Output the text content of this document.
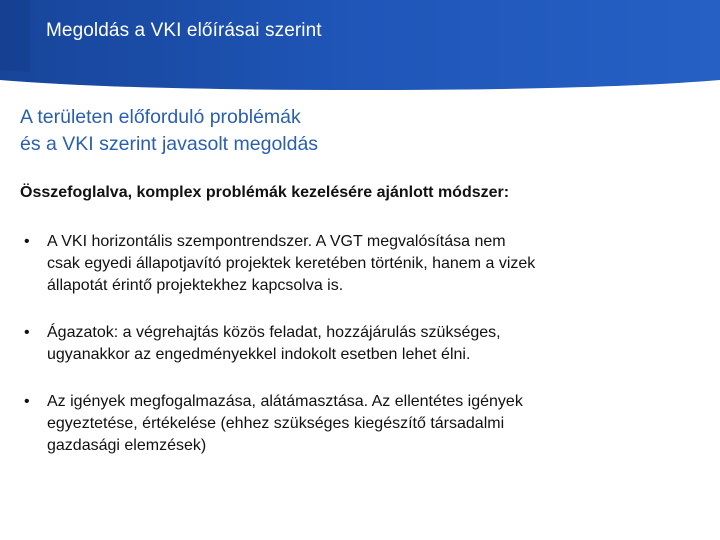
Megoldás a VKI előírásai szerint
A területen előforduló problémák
és a VKI szerint javasolt megoldás

Összefoglalva, komplex problémák kezelésére ajánlott módszer:

• A VKI horizontális szempontrendszer. A VGT megvalósítása nem
csak egyedi állapotjavító projektek keretében történik, hanem a vizek
állapotát érintő projektekhez kapcsolva is.
• Ágazatok: a végrehajtás közös feladat, hozzájárulás szükséges,
ugyanakkor az engedményekkel indokolt esetben lehet élni.
• Az igények megfogalmazása, alátámasztása. Az ellentétes igények
egyeztetése, értékelése (ehhez szükséges kiegészítő társadalmi
gazdasági elemzések)
